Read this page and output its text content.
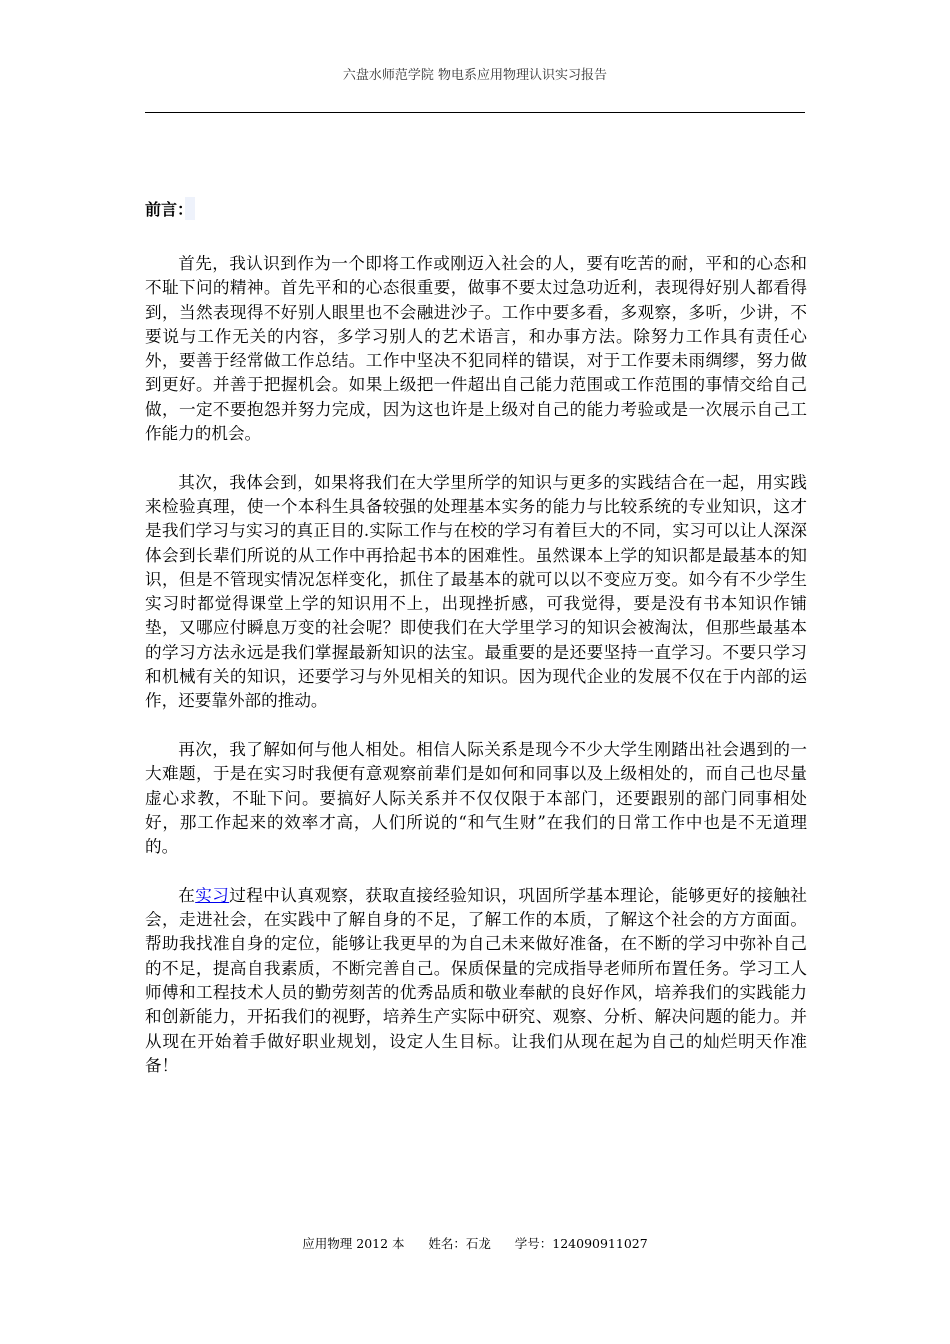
六盘水师范学院 物电系应用物理认识实习报告
前言：

首先，我认识到作为一个即将工作或刚迈入社会的人，要有吃苦的耐，平和的心态和不耻下问的精神。首先平和的心态很重要，做事不要太过急功近利，表现得好别人都看得到，当然表现得不好别人眼里也不会融进沙子。工作中要多看，多观察，多听，少讲，不要说与工作无关的内容，多学习别人的艺术语言，和办事方法。除努力工作具有责任心外，要善于经常做工作总结。工作中坚决不犯同样的错误，对于工作要未雨绸缪，努力做到更好。并善于把握机会。如果上级把一件超出自己能力范围或工作范围的事情交给自己做，一定不要抱怨并努力完成，因为这也许是上级对自己的能力考验或是一次展示自己工作能力的机会。

其次，我体会到，如果将我们在大学里所学的知识与更多的实践结合在一起，用实践来检验真理，使一个本科生具备较强的处理基本实务的能力与比较系统的专业知识，这才是我们学习与实习的真正目的.实际工作与在校的学习有着巨大的不同，实习可以让人深深体会到长辈们所说的从工作中再拾起书本的困难性。虽然课本上学的知识都是最基本的知识，但是不管现实情况怎样变化，抓住了最基本的就可以以不变应万变。如今有不少学生实习时都觉得课堂上学的知识用不上，出现挫折感，可我觉得，要是没有书本知识作铺垫，又哪应付瞬息万变的社会呢？即使我们在大学里学习的知识会被淘汰，但那些最基本的学习方法永远是我们掌握最新知识的法宝。最重要的是还要坚持一直学习。不要只学习和机械有关的知识，还要学习与外见相关的知识。因为现代企业的发展不仅在于内部的运作，还要靠外部的推动。

再次，我了解如何与他人相处。相信人际关系是现今不少大学生刚踏出社会遇到的一大难题，于是在实习时我便有意观察前辈们是如何和同事以及上级相处的，而自己也尽量虚心求教，不耻下问。要搞好人际关系并不仅仅限于本部门，还要跟别的部门同事相处好，那工作起来的效率才高，人们所说的“和气生财”在我们的日常工作中也是不无道理的。

在实习过程中认真观察，获取直接经验知识，巩固所学基本理论，能够更好的接触社会，走进社会，在实践中了解自身的不足，了解工作的本质，了解这个社会的方方面面。帮助我找准自身的定位，能够让我更早的为自己未来做好准备，在不断的学习中弥补自己的不足，提高自我素质，不断完善自己。保质保量的完成指导老师所布置任务。学习工人师傅和工程技术人员的勤劳刻苦的优秀品质和敬业奉献的良好作风，培养我们的实践能力和创新能力，开拓我们的视野，培养生产实际中研究、观察、分析、解决问题的能力。并从现在开始着手做好职业规划，设定人生目标。让我们从现在起为自己的灿烂明天作准备！

应用物理 2012 本 姓名：石龙 学号：124090911027
